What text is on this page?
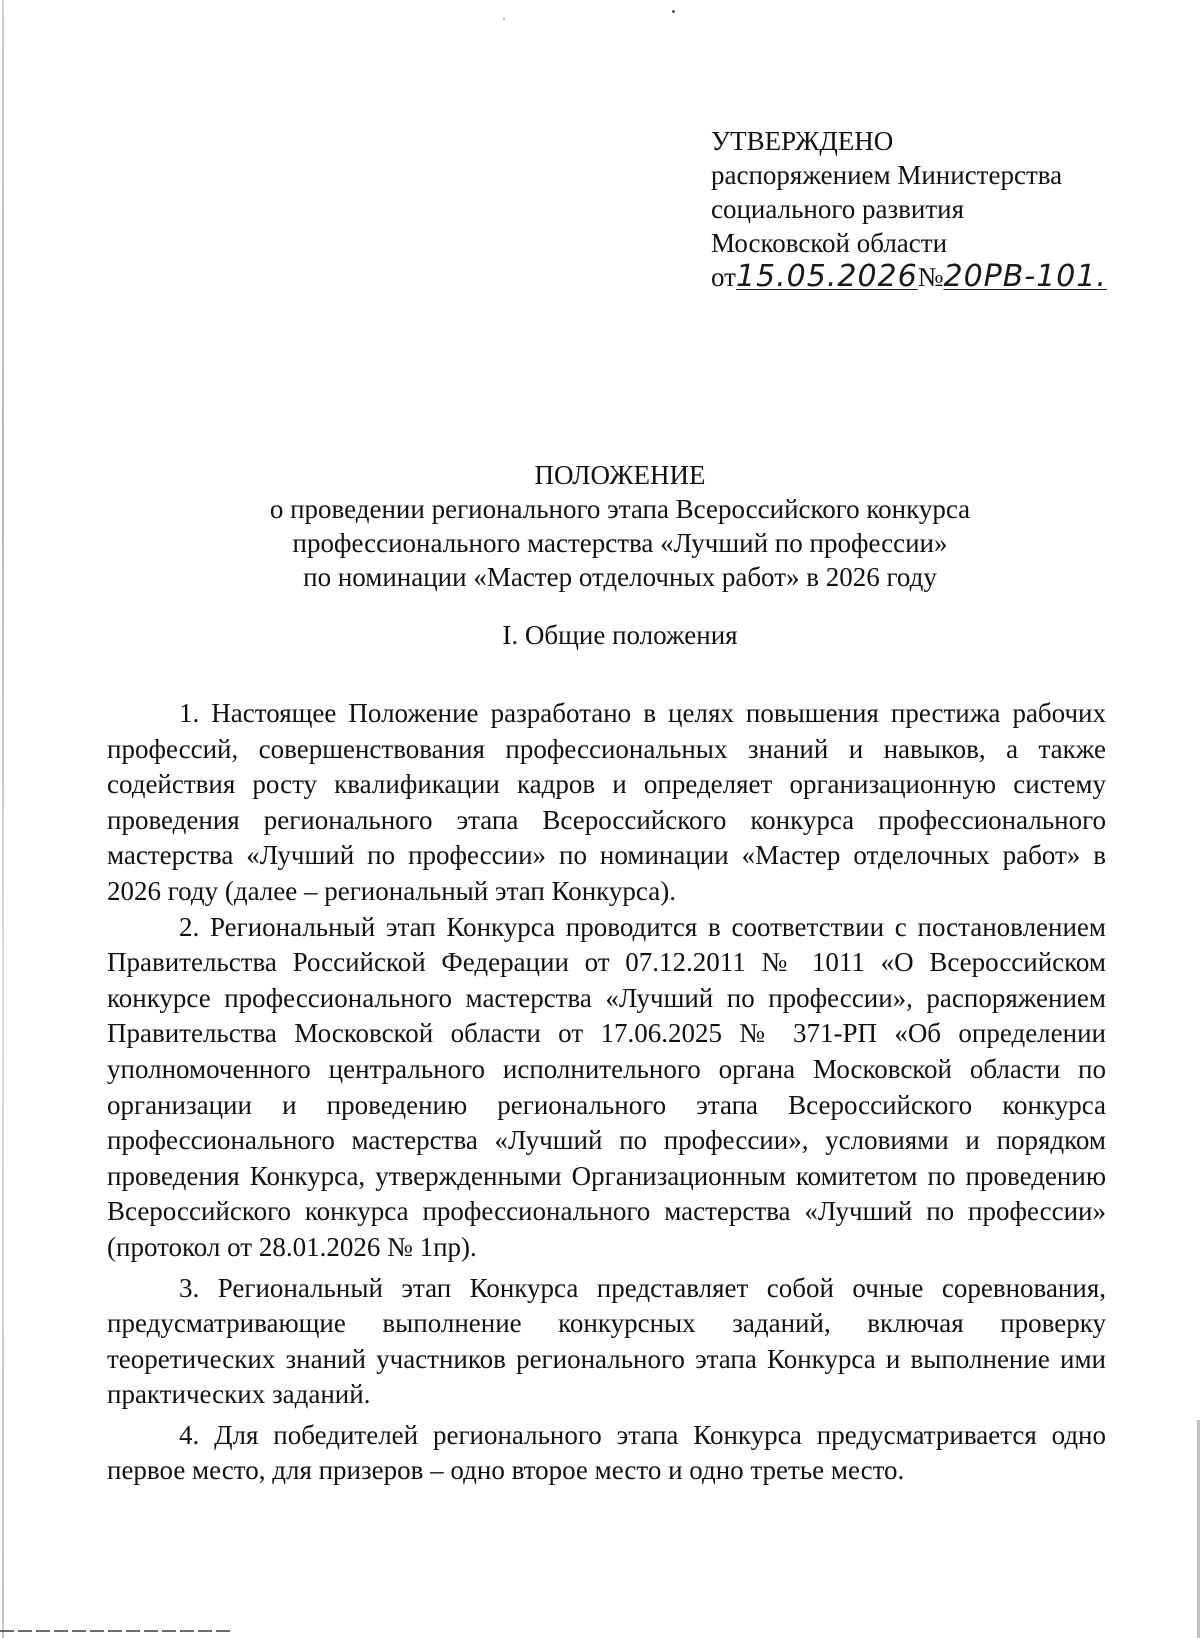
УТВЕРЖДЕНО
распоряжением Министерства
социального развития
Московской области
от15.05.2026№20РВ-101.
ПОЛОЖЕНИЕ
о проведении регионального этапа Всероссийского конкурса
профессионального мастерства «Лучший по профессии»
по номинации «Мастер отделочных работ» в 2026 году
I. Общие положения

1. Настоящее Положение разработано в целях повышения престижа рабочих профессий, совершенствования профессиональных знаний и навыков, а также содействия росту квалификации кадров и определяет организационную систему проведения регионального этапа Всероссийского конкурса профессионального мастерства «Лучший по профессии» по номинации «Мастер отделочных работ» в 2026 году (далее – региональный этап Конкурса).

2. Региональный этап Конкурса проводится в соответствии с постановлением Правительства Российской Федерации от 07.12.2011 № 1011 «О Всероссийском конкурсе профессионального мастерства «Лучший по профессии», распоряжением Правительства Московской области от 17.06.2025 № 371-РП «Об определении уполномоченного центрального исполнительного органа Московской области по организации и проведению регионального этапа Всероссийского конкурса профессионального мастерства «Лучший по профессии», условиями и порядком проведения Конкурса, утвержденными Организационным комитетом по проведению Всероссийского конкурса профессионального мастерства «Лучший по профессии» (протокол от 28.01.2026 № 1пр).

3. Региональный этап Конкурса представляет собой очные соревнования, предусматривающие выполнение конкурсных заданий, включая проверку теоретических знаний участников регионального этапа Конкурса и выполнение ими практических заданий.

4. Для победителей регионального этапа Конкурса предусматривается одно первое место, для призеров – одно второе место и одно третье место.
